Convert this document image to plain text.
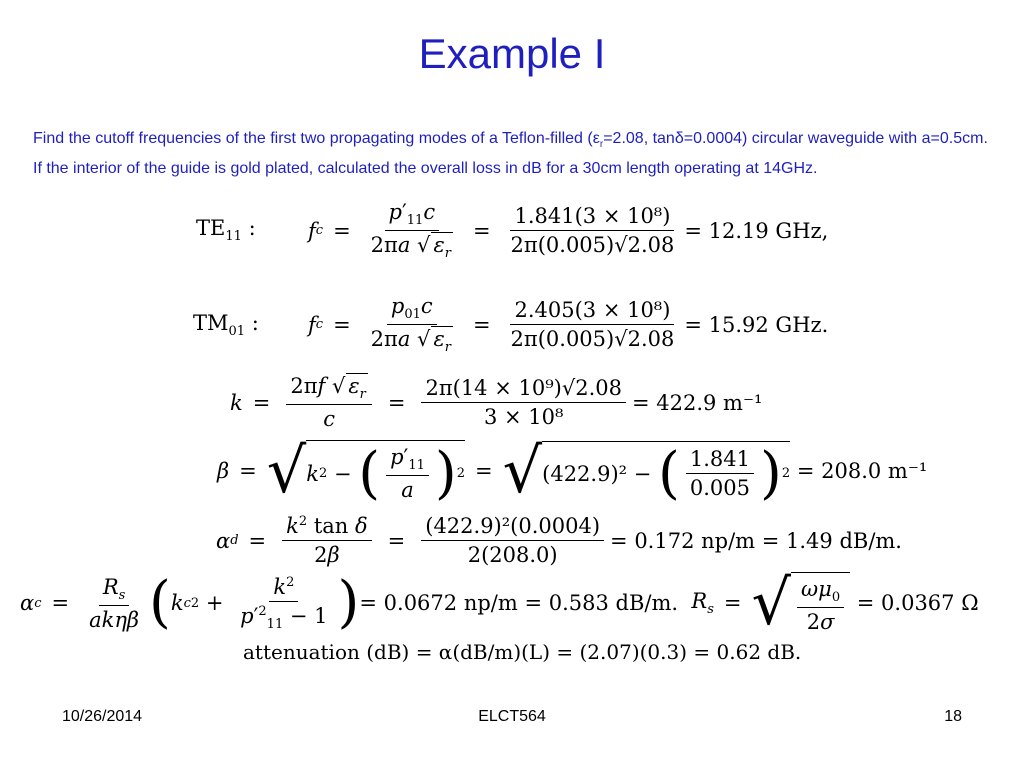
Example I
Find the cutoff frequencies of the first two propagating modes of a Teflon-filled ($\varepsilon_r=2.08$, tanδ=0.0004) circular waveguide with a=0.5cm. If the interior of the guide is gold plated, calculated the overall loss in dB for a 30cm length operating at 14GHz.
$TE_{11}$ : f $c = \frac{p'_{11}c}{2\pi a √ \varepsilon_r} = \frac{\text{1.841(3 × 10⁸)}}{2\pi(0.005)√2.08} = 12.19$ GHz,
$TM_{01}$ : f $c = \frac{p_{01}c}{2\pi a √ \varepsilon_r} = \frac{\text{2.405(3 × 10⁸)}}{2\pi(0.005)√2.08} = 15.92$ GHz.
$k = \frac{2\pi f √ \varepsilon_r}{c} = \frac{\text{2π(14 × 10⁹)√2.08}}{\text{3 × 10⁸}} = 422.9$ m⁻¹
β = √ k 2 − ( $\frac{p'_{11}}{a}$ ) 2 = √ (422.9)² −
( $\frac{1.841}{0.005}$ ) 2
= 208.0 m⁻¹
α $d = \frac{k^2 \tan \delta}{2\beta} = \frac{\text{(422.9)²(0.0004)}}{2(208.0)} = 0.172$ np/m = 1.49 dB/m.
α $c = \frac{R_s}{\text{akηβ}}$ ( k c $2 + \frac{k^2}{p'^2_{11} - 1}$ ) = 0.0672 np/m = 0.583 dB/m.
$R_s$ = √ $\frac{\omega\mu_0}{2\sigma}$
= 0.0367 Ω
attenuation (dB) = α(dB/m)(L) = (2.07)(0.3) = 0.62 dB.
10/26/2014	ELCT564	18
